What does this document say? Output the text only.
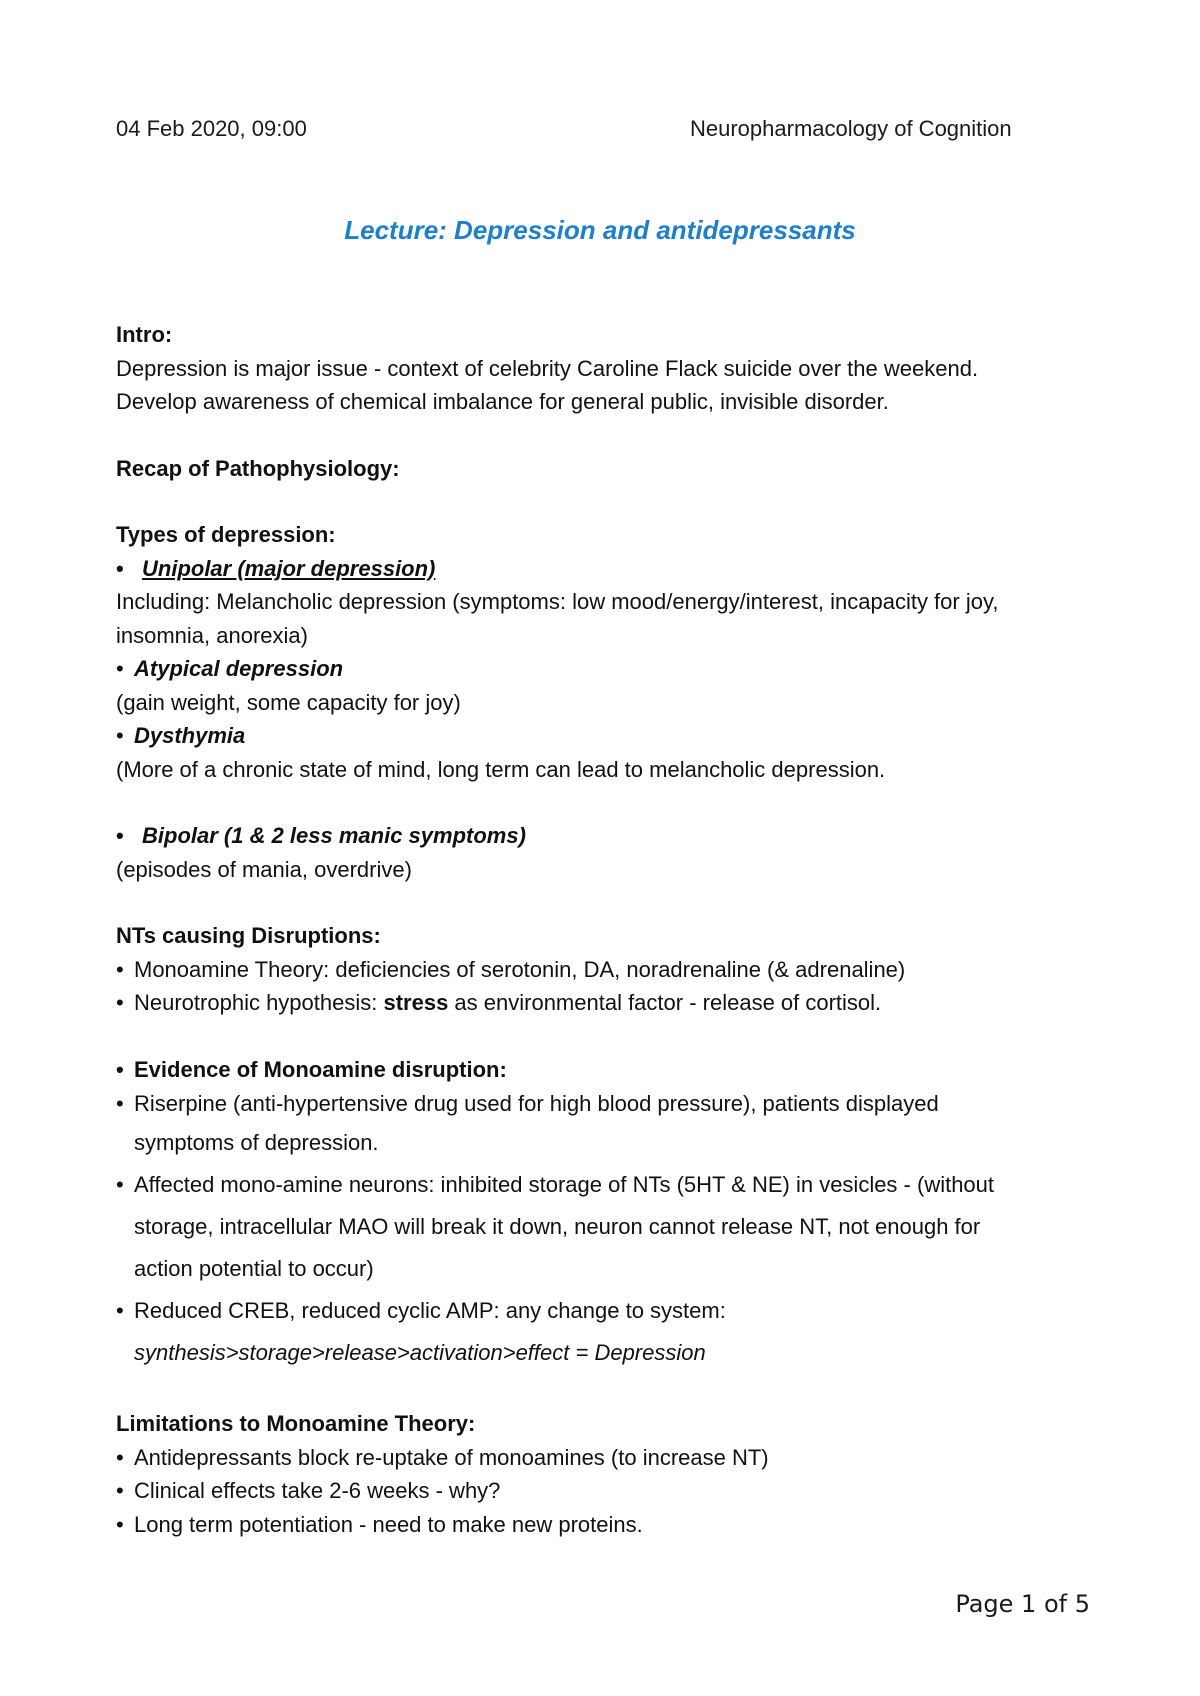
04 Feb 2020, 09:00	Neuropharmacology of Cognition
Lecture: Depression and antidepressants
Intro:
Depression is major issue - context of celebrity Caroline Flack suicide over the weekend.
Develop awareness of chemical imbalance for general public, invisible disorder.
Recap of Pathophysiology:
Types of depression:
• Unipolar (major depression)
Including: Melancholic depression (symptoms: low mood/energy/interest, incapacity for joy,
insomnia, anorexia)
• Atypical depression
(gain weight, some capacity for joy)
• Dysthymia
(More of a chronic state of mind, long term can lead to melancholic depression.
• Bipolar (1 & 2 less manic symptoms)
(episodes of mania, overdrive)
NTs causing Disruptions:
• Monoamine Theory: deficiencies of serotonin, DA, noradrenaline (& adrenaline)
• Neurotrophic hypothesis: stress as environmental factor - release of cortisol.
• Evidence of Monoamine disruption:
• Riserpine (anti-hypertensive drug used for high blood pressure), patients displayed
symptoms of depression.
• Affected mono-amine neurons: inhibited storage of NTs (5HT & NE) in vesicles - (without
storage, intracellular MAO will break it down, neuron cannot release NT, not enough for
action potential to occur)
• Reduced CREB, reduced cyclic AMP: any change to system:
synthesis>storage>release>activation>effect = Depression
Limitations to Monoamine Theory:
• Antidepressants block re-uptake of monoamines (to increase NT)
• Clinical effects take 2-6 weeks - why?
• Long term potentiation - need to make new proteins.
Page 1 of 5
